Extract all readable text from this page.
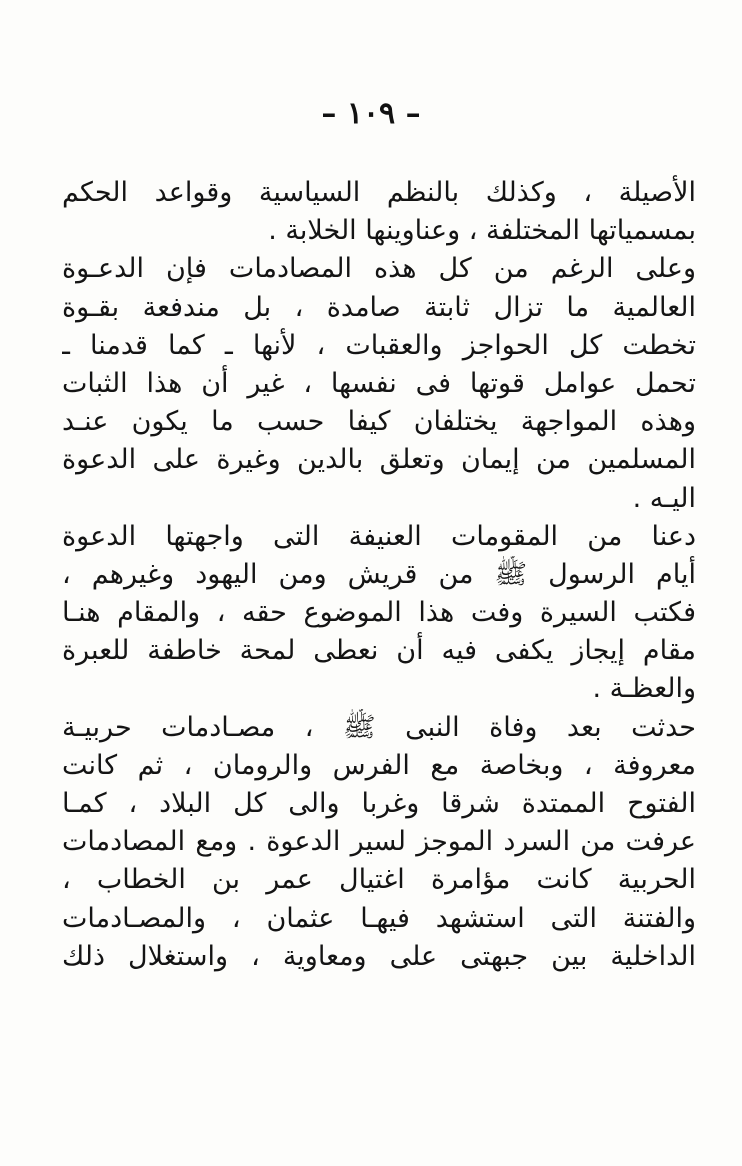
– ١٠٩ –
الأصيلة ، وكذلك بالنظم السياسية وقواعد الحكم
بمسمياتها المختلفة ، وعناوينها الخلابة .
وعلى الرغم من كل هذه المصادمات فإن الدعـوة
العالمية ما تزال ثابتة صامدة ، بل مندفعة بقـوة
تخطت كل الحواجز والعقبات ، لأنها ـ كما قدمنا ـ
تحمل عوامل قوتها فى نفسها ، غير أن هذا الثبات
وهذه المواجهة يختلفان كيفا حسب ما يكون عنـد
المسلمين من إيمان وتعلق بالدين وغيرة على الدعوة
اليـه .
دعنا من المقومات العنيفة التى واجهتها الدعوة
أيام الرسول ﷺ من قريش ومن اليهود وغيرهم ،
فكتب السيرة وفت هذا الموضوع حقه ، والمقام هنـا
مقام إيجاز يكفى فيه أن نعطى لمحة خاطفة للعبرة
والعظـة .
حدثت بعد وفاة النبى ﷺ ، مصـادمات حربيـة
معروفة ، وبخاصة مع الفرس والرومان ، ثم كانت
الفتوح الممتدة شرقا وغربا والى كل البلاد ، كمـا
عرفت من السرد الموجز لسير الدعوة . ومع المصادمات
الحربية كانت مؤامرة اغتيال عمر بن الخطاب ،
والفتنة التى استشهد فيهـا عثمان ، والمصـادمات
الداخلية بين جبهتى على ومعاوية ، واستغلال ذلك
